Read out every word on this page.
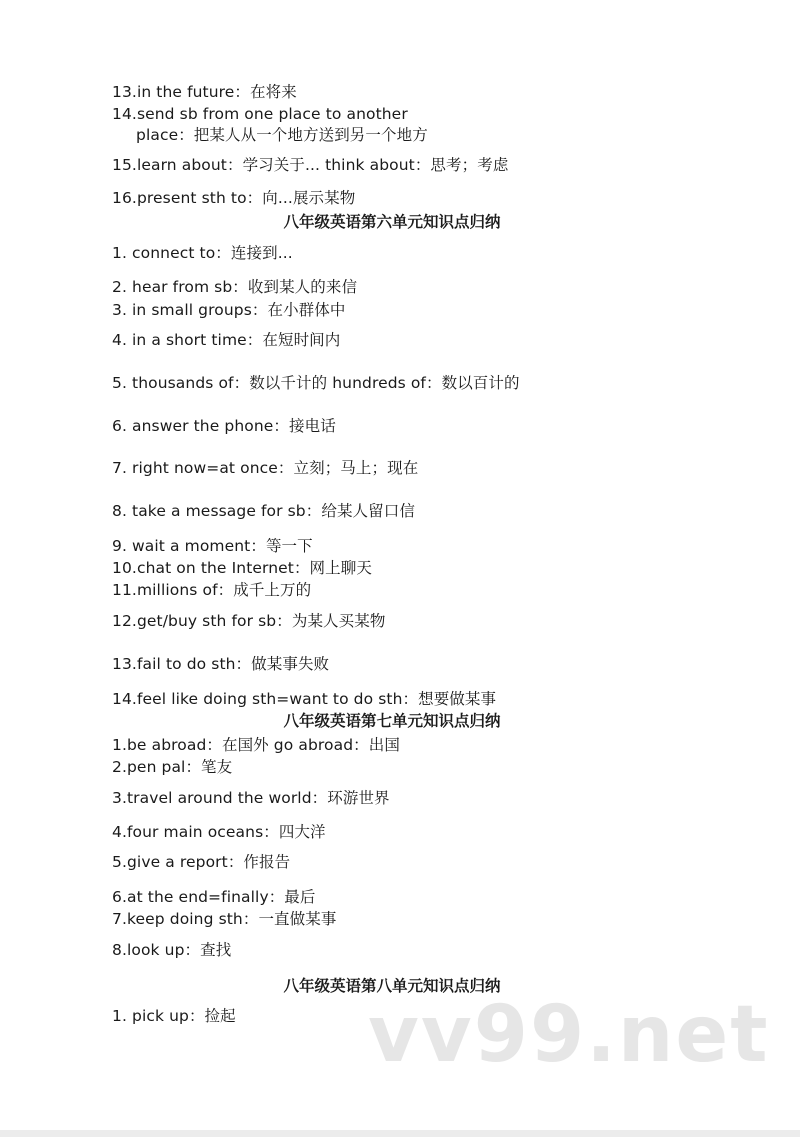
13.in the future：在将来
14.send sb from one place to another
place：把某人从一个地方送到另一个地方
15.learn about：学习关于... think about：思考；考虑
16.present sth to：向...展示某物
八年级英语第六单元知识点归纳
1. connect to：连接到...
2. hear from sb：收到某人的来信
3. in small groups：在小群体中
4. in a short time：在短时间内
5. thousands of：数以千计的 hundreds of：数以百计的
6. answer the phone：接电话
7. right now=at once：立刻；马上；现在
8. take a message for sb：给某人留口信
9. wait a moment：等一下
10.chat on the Internet：网上聊天
11.millions of：成千上万的
12.get/buy sth for sb：为某人买某物
13.fail to do sth：做某事失败
14.feel like doing sth=want to do sth：想要做某事
八年级英语第七单元知识点归纳
1.be abroad：在国外 go abroad：出国
2.pen pal：笔友
3.travel around the world：环游世界
4.four main oceans：四大洋
5.give a report：作报告
6.at the end=finally：最后
7.keep doing sth：一直做某事
8.look up：查找
八年级英语第八单元知识点归纳
1. pick up：捡起 vv99.net
